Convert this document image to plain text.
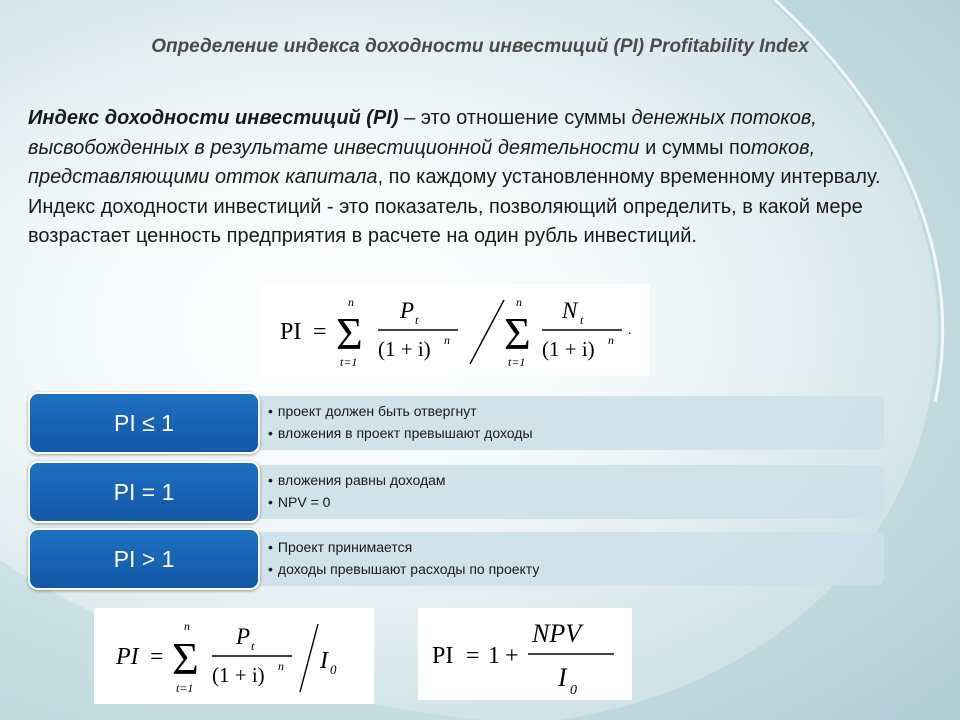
Определение индекса доходности инвестиций (PI) Profitability Index
Индекс доходности инвестиций (PI) – это отношение суммы денежных потоков, высвобожденных в результате инвестиционной деятельности и суммы потоков, представляющими отток капитала, по каждому установленному временному интервалу.
Индекс доходности инвестиций - это показатель, позволяющий определить, в какой мере возрастает ценность предприятия в расчете на один рубль инвестиций.
PI = Σ
n
t=1
P t
(1 + i) n Σ
n
t=1
N t
(1 + i) n
.
PI ≤ 1	• проект должен быть отвергнут
• вложения в проект превышают доходы
PI = 1	• вложения равны доходам
• NPV = 0
PI > 1	• Проект принимается
• доходы превышают расходы по проекту
PI = Σ
n
t=1
P t
(1 + i) n I 0
PI = 1 +
NPV
I 0
